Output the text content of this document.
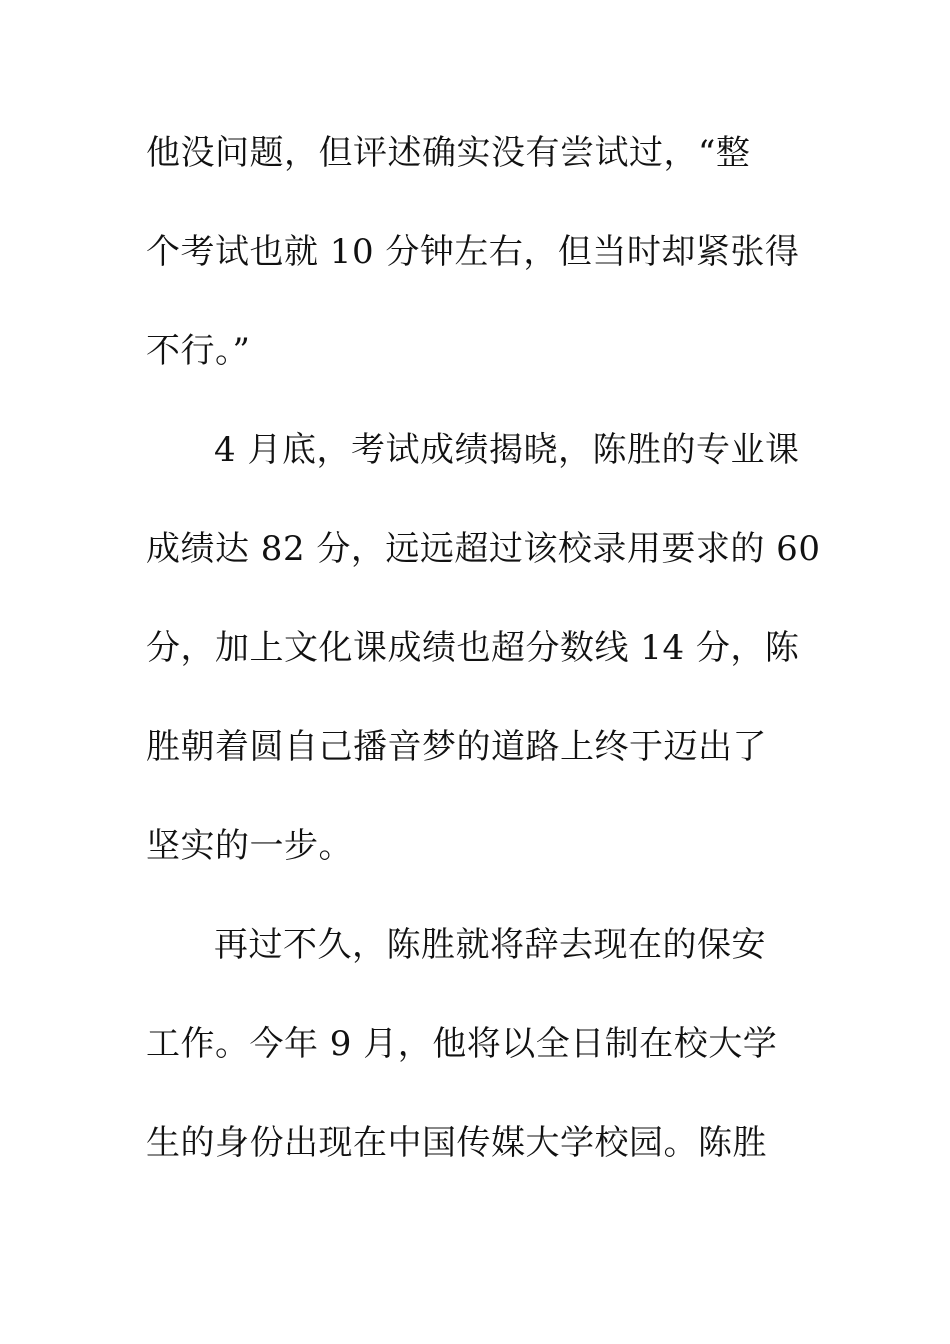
他没问题，但评述确实没有尝试过，“整
个考试也就 10 分钟左右，但当时却紧张得
不行。”
4 月底，考试成绩揭晓，陈胜的专业课
成绩达 82 分，远远超过该校录用要求的 60
分，加上文化课成绩也超分数线 14 分，陈
胜朝着圆自己播音梦的道路上终于迈出了
坚实的一步。
再过不久，陈胜就将辞去现在的保安
工作。今年 9 月，他将以全日制在校大学
生的身份出现在中国传媒大学校园。陈胜
